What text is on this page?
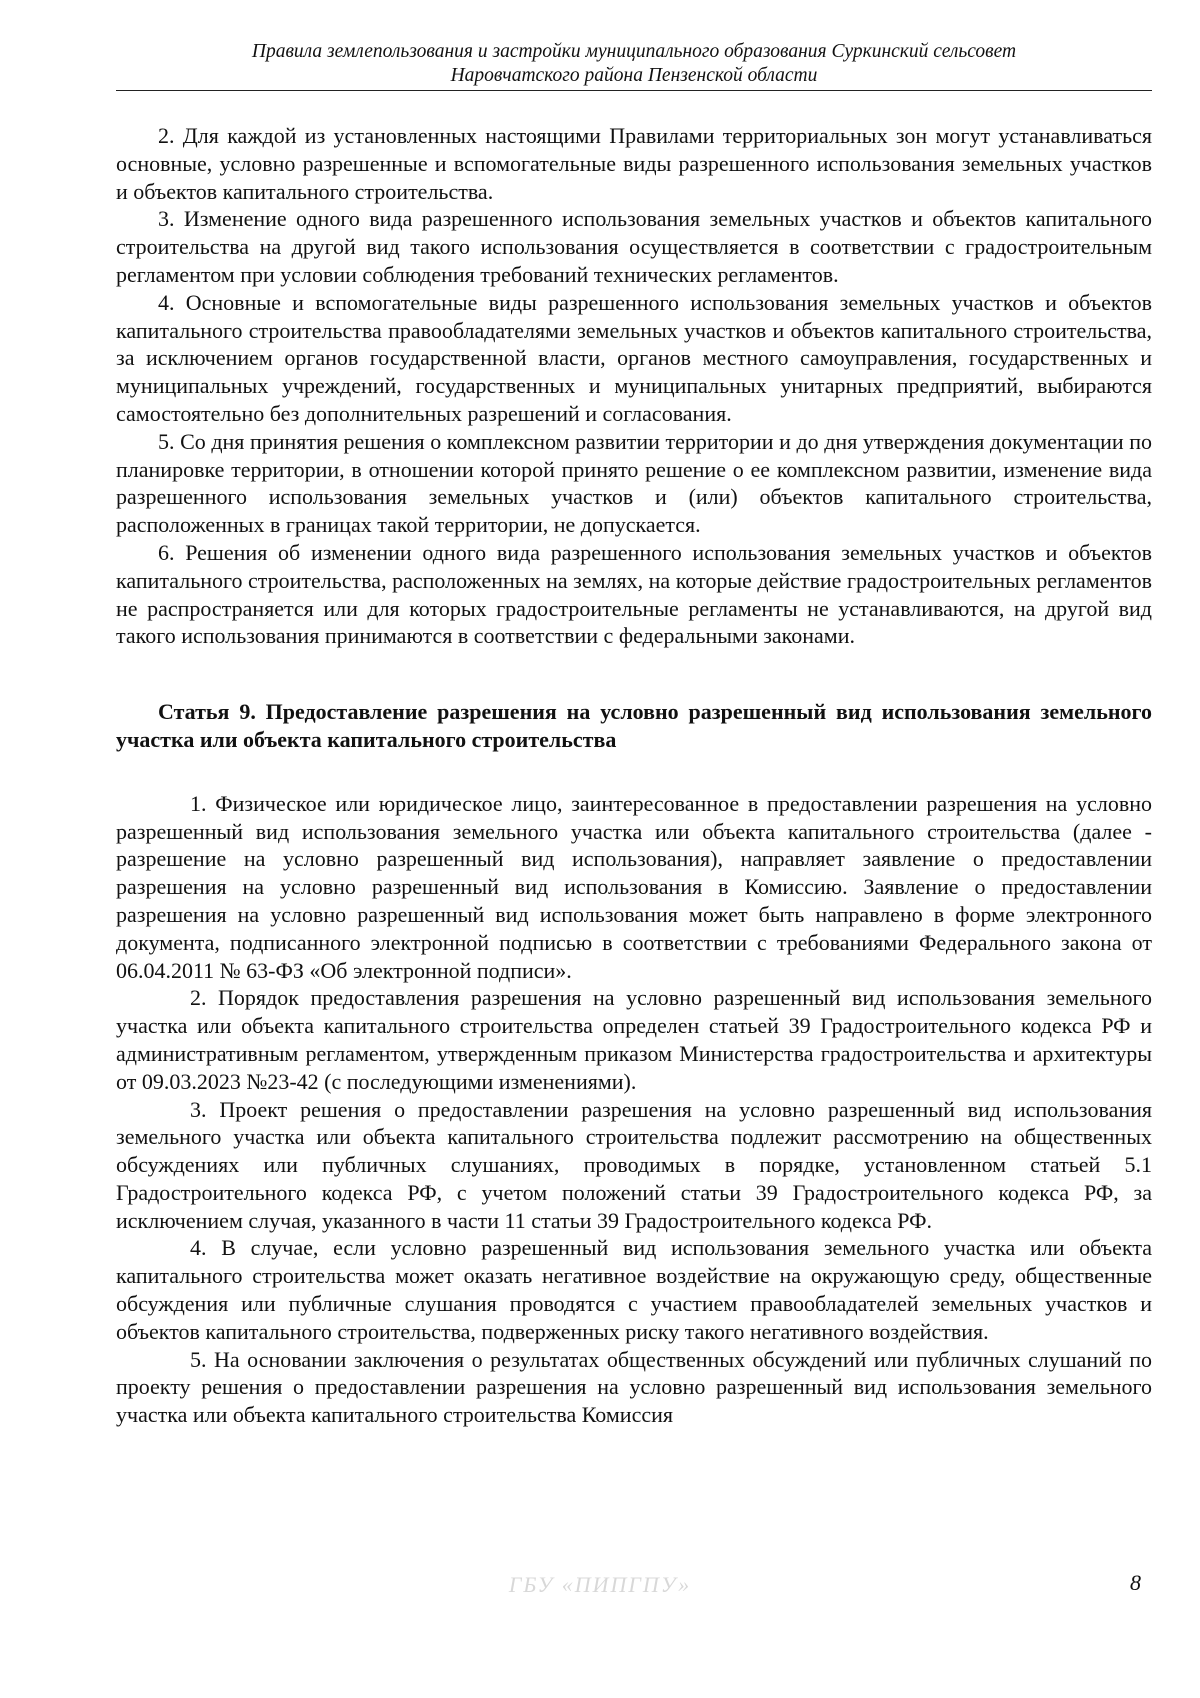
Правила землепользования и застройки муниципального образования Суркинский сельсовет
Наровчатского района Пензенской области

2. Для каждой из установленных настоящими Правилами территориальных зон могут устанавливаться основные, условно разрешенные и вспомогательные виды разрешенного использования земельных участков и объектов капитального строительства.

3. Изменение одного вида разрешенного использования земельных участков и объектов капитального строительства на другой вид такого использования осуществляется в соответствии с градостроительным регламентом при условии соблюдения требований технических регламентов.

4. Основные и вспомогательные виды разрешенного использования земельных участков и объектов капитального строительства правообладателями земельных участков и объектов капитального строительства, за исключением органов государственной власти, органов местного самоуправления, государственных и муниципальных учреждений, государственных и муниципальных унитарных предприятий, выбираются самостоятельно без дополнительных разрешений и согласования.

5. Со дня принятия решения о комплексном развитии территории и до дня утверждения документации по планировке территории, в отношении которой принято решение о ее комплексном развитии, изменение вида разрешенного использования земельных участков и (или) объектов капитального строительства, расположенных в границах такой территории, не допускается.

6. Решения об изменении одного вида разрешенного использования земельных участков и объектов капитального строительства, расположенных на землях, на которые действие градостроительных регламентов не распространяется или для которых градостроительные регламенты не устанавливаются, на другой вид такого использования принимаются в соответствии с федеральными законами.

Статья 9. Предоставление разрешения на условно разрешенный вид использования земельного участка или объекта капитального строительства

1. Физическое или юридическое лицо, заинтересованное в предоставлении разрешения на условно разрешенный вид использования земельного участка или объекта капитального строительства (далее - разрешение на условно разрешенный вид использования), направляет заявление о предоставлении разрешения на условно разрешенный вид использования в Комиссию. Заявление о предоставлении разрешения на условно разрешенный вид использования может быть направлено в форме электронного документа, подписанного электронной подписью в соответствии с требованиями Федерального закона от 06.04.2011 № 63-ФЗ «Об электронной подписи».

2. Порядок предоставления разрешения на условно разрешенный вид использования земельного участка или объекта капитального строительства определен статьей 39 Градостроительного кодекса РФ и административным регламентом, утвержденным приказом Министерства градостроительства и архитектуры от 09.03.2023 №23-42 (с последующими изменениями).

3. Проект решения о предоставлении разрешения на условно разрешенный вид использования земельного участка или объекта капитального строительства подлежит рассмотрению на общественных обсуждениях или публичных слушаниях, проводимых в порядке, установленном статьей 5.1 Градостроительного кодекса РФ, с учетом положений статьи 39 Градостроительного кодекса РФ, за исключением случая, указанного в части 11 статьи 39 Градостроительного кодекса РФ.

4. В случае, если условно разрешенный вид использования земельного участка или объекта капитального строительства может оказать негативное воздействие на окружающую среду, общественные обсуждения или публичные слушания проводятся с участием правообладателей земельных участков и объектов капитального строительства, подверженных риску такого негативного воздействия.

5. На основании заключения о результатах общественных обсуждений или публичных слушаний по проекту решения о предоставлении разрешения на условно разрешенный вид использования земельного участка или объекта капитального строительства Комиссия

ГБУ «ПИПГПУ»	8
